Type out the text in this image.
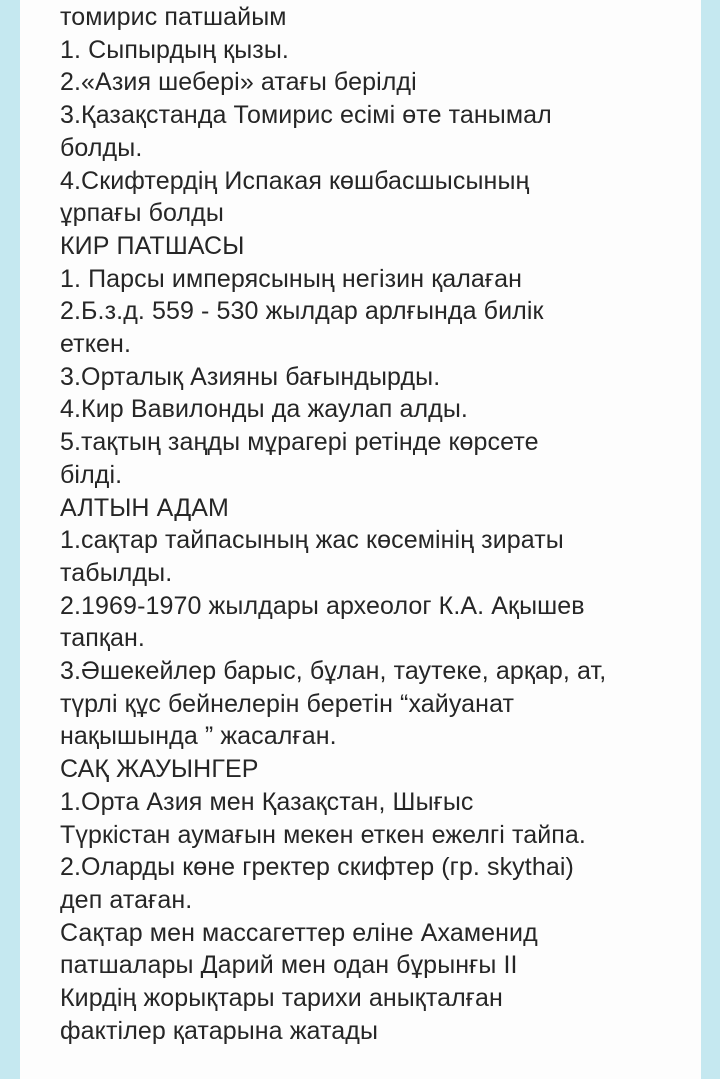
томирис патшайым
1. Сыпырдың қызы.
2.«Азия шебері» атағы берілді
3.Қазақстанда Томирис есімі өте танымал
болды.
4.Скифтердің Испакая көшбасшысының
ұрпағы болды
КИР ПАТШАСЫ
1. Парсы имперясының негізин қалаған
2.Б.з.д. 559 - 530 жылдар арлғында билік
еткен.
3.Орталық Азияны бағындырды.
4.Кир Вавилонды да жаулап алды.
5.тақтың заңды мұрагері ретінде көрсете
білді.
АЛТЫН АДАМ
1.сақтар тайпасының жас көсемінің зираты
табылды.
2.1969-1970 жылдары археолог К.А. Ақышев
тапқан.
3.Әшекейлер барыс, бұлан, таутеке, арқар, ат,
түрлі құс бейнелерін беретін “хайуанат
нақышында ” жасалған.
САҚ ЖАУЫНГЕР
1.Орта Азия мен Қазақстан, Шығыс
Түркістан аумағын мекен еткен ежелгі тайпа.
2.Оларды көне гректер скифтер (гр. skythai)
деп атаған.
Сақтар мен массагеттер еліне Ахаменид
патшалары Дарий мен одан бұрынғы II
Кирдің жорықтары тарихи анықталған
фактілер қатарына жатады
